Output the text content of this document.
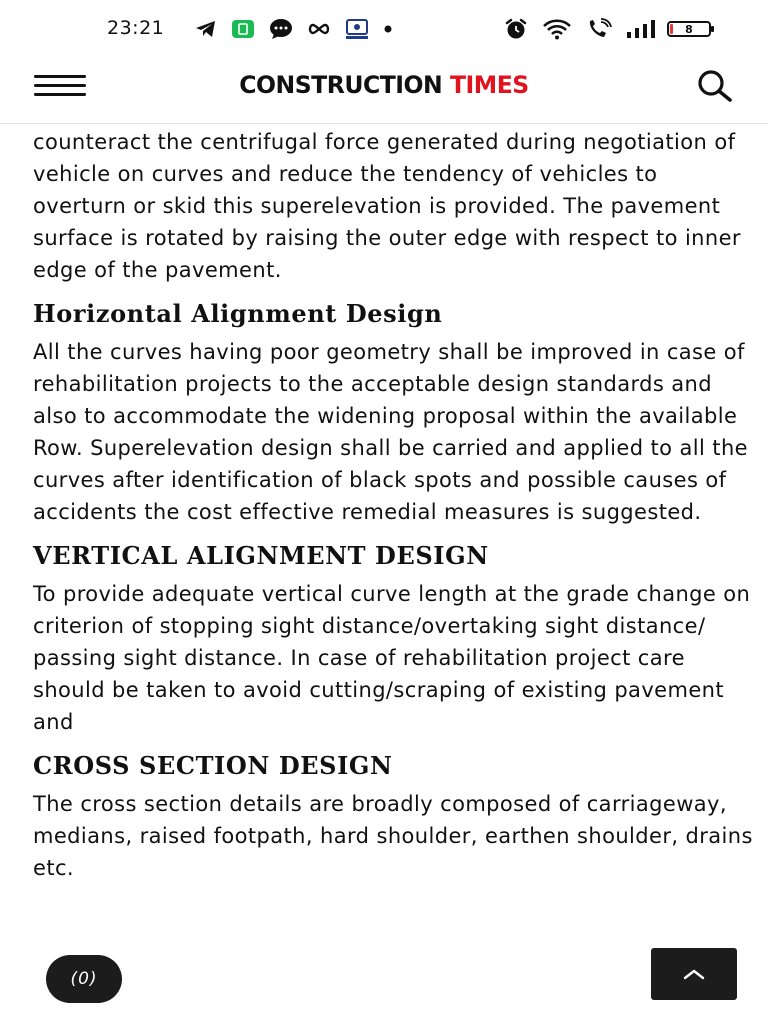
23:21	8
CONSTRUCTION TIMES

counteract the centrifugal force generated during negotiation of vehicle on curves and reduce the tendency of vehicles to overturn or skid this superelevation is provided. The pavement surface is rotated by raising the outer edge with respect to inner edge of the pavement.

Horizontal Alignment Design

All the curves having poor geometry shall be improved in case of rehabilitation projects to the acceptable design standards and also to accommodate the widening proposal within the available Row. Superelevation design shall be carried and applied to all the curves after identification of black spots and possible causes of accidents the cost effective remedial measures is suggested.

VERTICAL ALIGNMENT DESIGN

To provide adequate vertical curve length at the grade change on criterion of stopping sight distance/overtaking sight distance/ passing sight distance. In case of rehabilitation project care should be taken to avoid cutting/scraping of existing pavement and

CROSS SECTION DESIGN

The cross section details are broadly composed of carriageway, medians, raised footpath, hard shoulder, earthen shoulder, drains etc.

(0)
